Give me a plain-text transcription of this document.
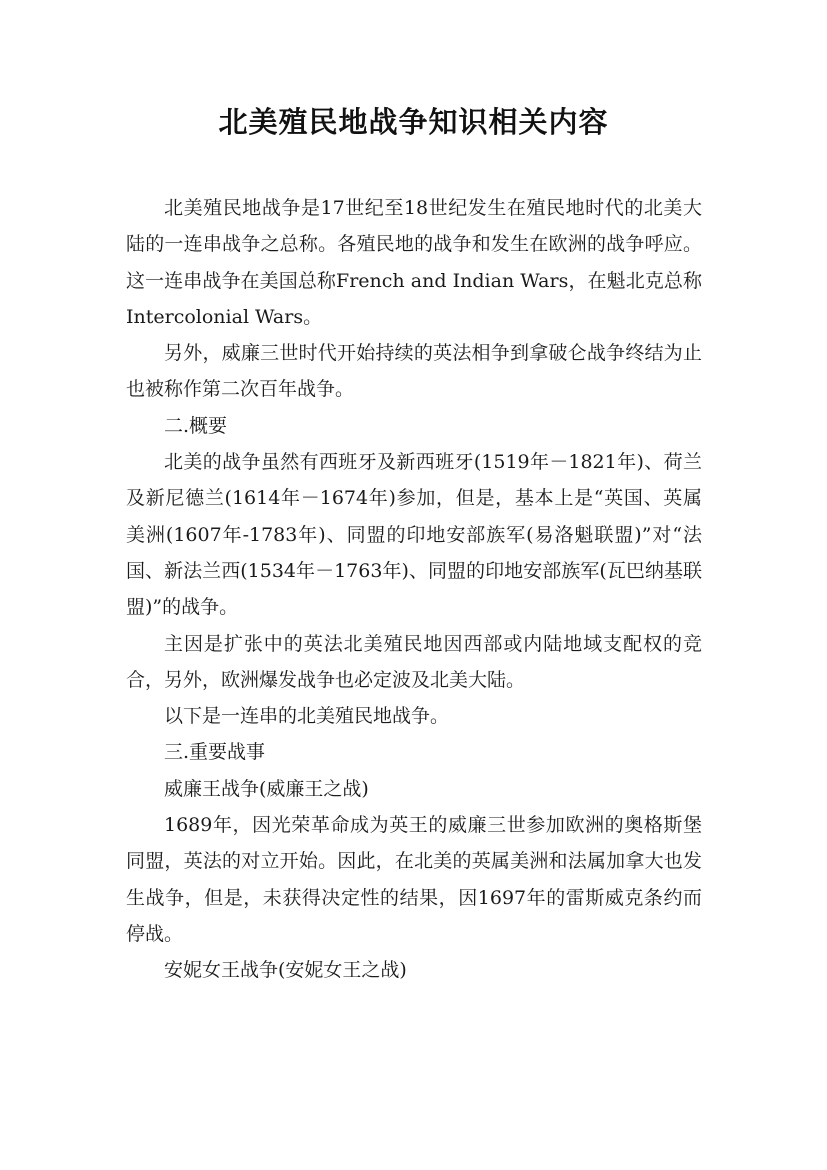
北美殖民地战争知识相关内容

北美殖民地战争是17世纪至18世纪发生在殖民地时代的北美大陆的一连串战争之总称。各殖民地的战争和发生在欧洲的战争呼应。这一连串战争在美国总称French and Indian Wars，在魁北克总称Intercolonial Wars。

另外，威廉三世时代开始持续的英法相争到拿破仑战争终结为止也被称作第二次百年战争。

二.概要

北美的战争虽然有西班牙及新西班牙(1519年－1821年)、荷兰及新尼德兰(1614年－1674年)参加，但是，基本上是“英国、英属美洲(1607年-1783年)、同盟的印地安部族军(易洛魁联盟)”对“法国、新法兰西(1534年－1763年)、同盟的印地安部族军(瓦巴纳基联盟)”的战争。

主因是扩张中的英法北美殖民地因西部或内陆地域支配权的竞合，另外，欧洲爆发战争也必定波及北美大陆。

以下是一连串的北美殖民地战争。

三.重要战事

威廉王战争(威廉王之战)

1689年，因光荣革命成为英王的威廉三世参加欧洲的奥格斯堡同盟，英法的对立开始。因此，在北美的英属美洲和法属加拿大也发生战争，但是，未获得决定性的结果，因1697年的雷斯威克条约而停战。

安妮女王战争(安妮女王之战)
